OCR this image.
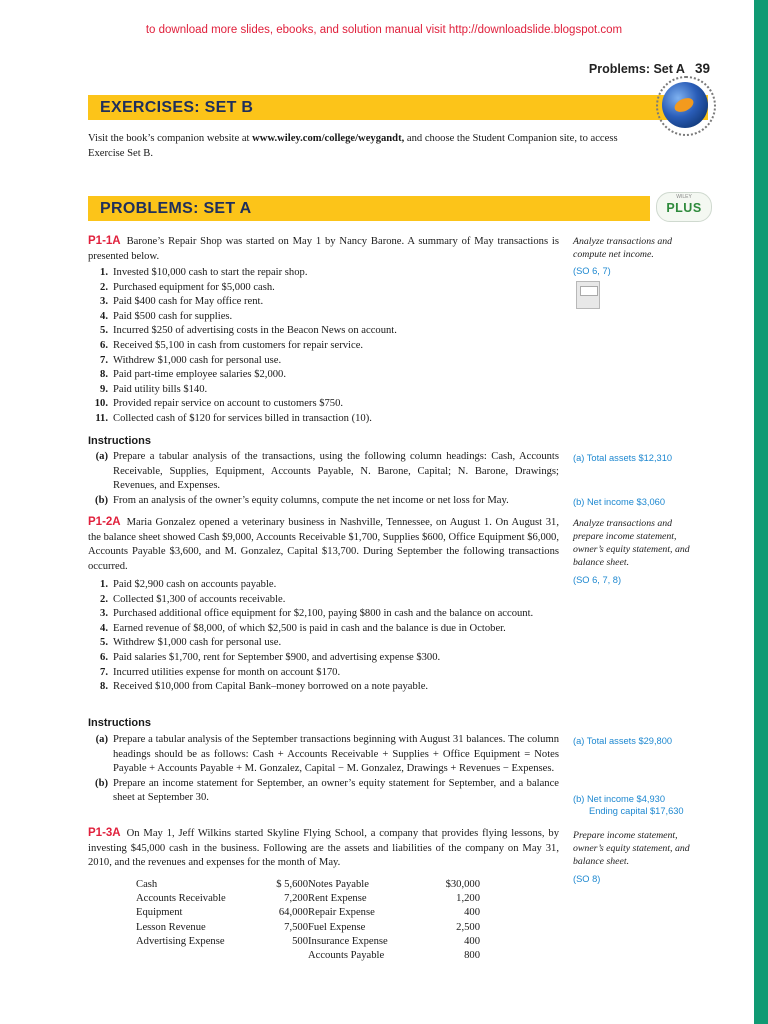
to download more slides, ebooks, and solution manual visit http://downloadslide.blogspot.com
Problems: Set A 39
EXERCISES: SET B
Visit the book’s companion website at www.wiley.com/college/weygandt, and choose the Student Companion site, to access Exercise Set B.
PROBLEMS: SET A
WILEY
PLUS
P1-1A Barone’s Repair Shop was started on May 1 by Nancy Barone. A summary of May transactions is presented below.
Analyze transactions and compute net income.
(SO 6, 7)
1. Invested $10,000 cash to start the repair shop.
2. Purchased equipment for $5,000 cash.
3. Paid $400 cash for May office rent.
4. Paid $500 cash for supplies.
5. Incurred $250 of advertising costs in the Beacon News on account.
6. Received $5,100 in cash from customers for repair service.
7. Withdrew $1,000 cash for personal use.
8. Paid part-time employee salaries $2,000.
9. Paid utility bills $140.
10. Provided repair service on account to customers $750.
11. Collected cash of $120 for services billed in transaction (10).
Instructions
(a) Prepare a tabular analysis of the transactions, using the following column headings: Cash, Accounts Receivable, Supplies, Equipment, Accounts Payable, N. Barone, Capital; N. Barone, Drawings; Revenues, and Expenses.
(b) From an analysis of the owner’s equity columns, compute the net income or net loss for May.
(a) Total assets $12,310
(b) Net income $3,060
P1-2A Maria Gonzalez opened a veterinary business in Nashville, Tennessee, on August 1. On August 31, the balance sheet showed Cash $9,000, Accounts Receivable $1,700, Supplies $600, Office Equipment $6,000, Accounts Payable $3,600, and M. Gonzalez, Capital $13,700. During September the following transactions occurred.
Analyze transactions and prepare income statement, owner’s equity statement, and balance sheet.
(SO 6, 7, 8)
1. Paid $2,900 cash on accounts payable.
2. Collected $1,300 of accounts receivable.
3. Purchased additional office equipment for $2,100, paying $800 in cash and the balance on account.
4. Earned revenue of $8,000, of which $2,500 is paid in cash and the balance is due in October.
5. Withdrew $1,000 cash for personal use.
6. Paid salaries $1,700, rent for September $900, and advertising expense $300.
7. Incurred utilities expense for month on account $170.
8. Received $10,000 from Capital Bank–money borrowed on a note payable.
Instructions
(a) Prepare a tabular analysis of the September transactions beginning with August 31 balances. The column headings should be as follows: Cash + Accounts Receivable + Supplies + Office Equipment = Notes Payable + Accounts Payable + M. Gonzalez, Capital − M. Gonzalez, Drawings + Revenues − Expenses.
(b) Prepare an income statement for September, an owner’s equity statement for September, and a balance sheet at September 30.
(a) Total assets $29,800
(b) Net income $4,930
Ending capital $17,630
P1-3A On May 1, Jeff Wilkins started Skyline Flying School, a company that provides flying lessons, by investing $45,000 cash in the business. Following are the assets and liabilities of the company on May 31, 2010, and the revenues and expenses for the month of May.
Prepare income statement, owner’s equity statement, and balance sheet.
(SO 8)
Cash	$ 5,600	Notes Payable	$30,000
Accounts Receivable	7,200	Rent Expense	1,200
Equipment	64,000	Repair Expense	400
Lesson Revenue	7,500	Fuel Expense	2,500
Advertising Expense	500	Insurance Expense	400
		Accounts Payable	800
